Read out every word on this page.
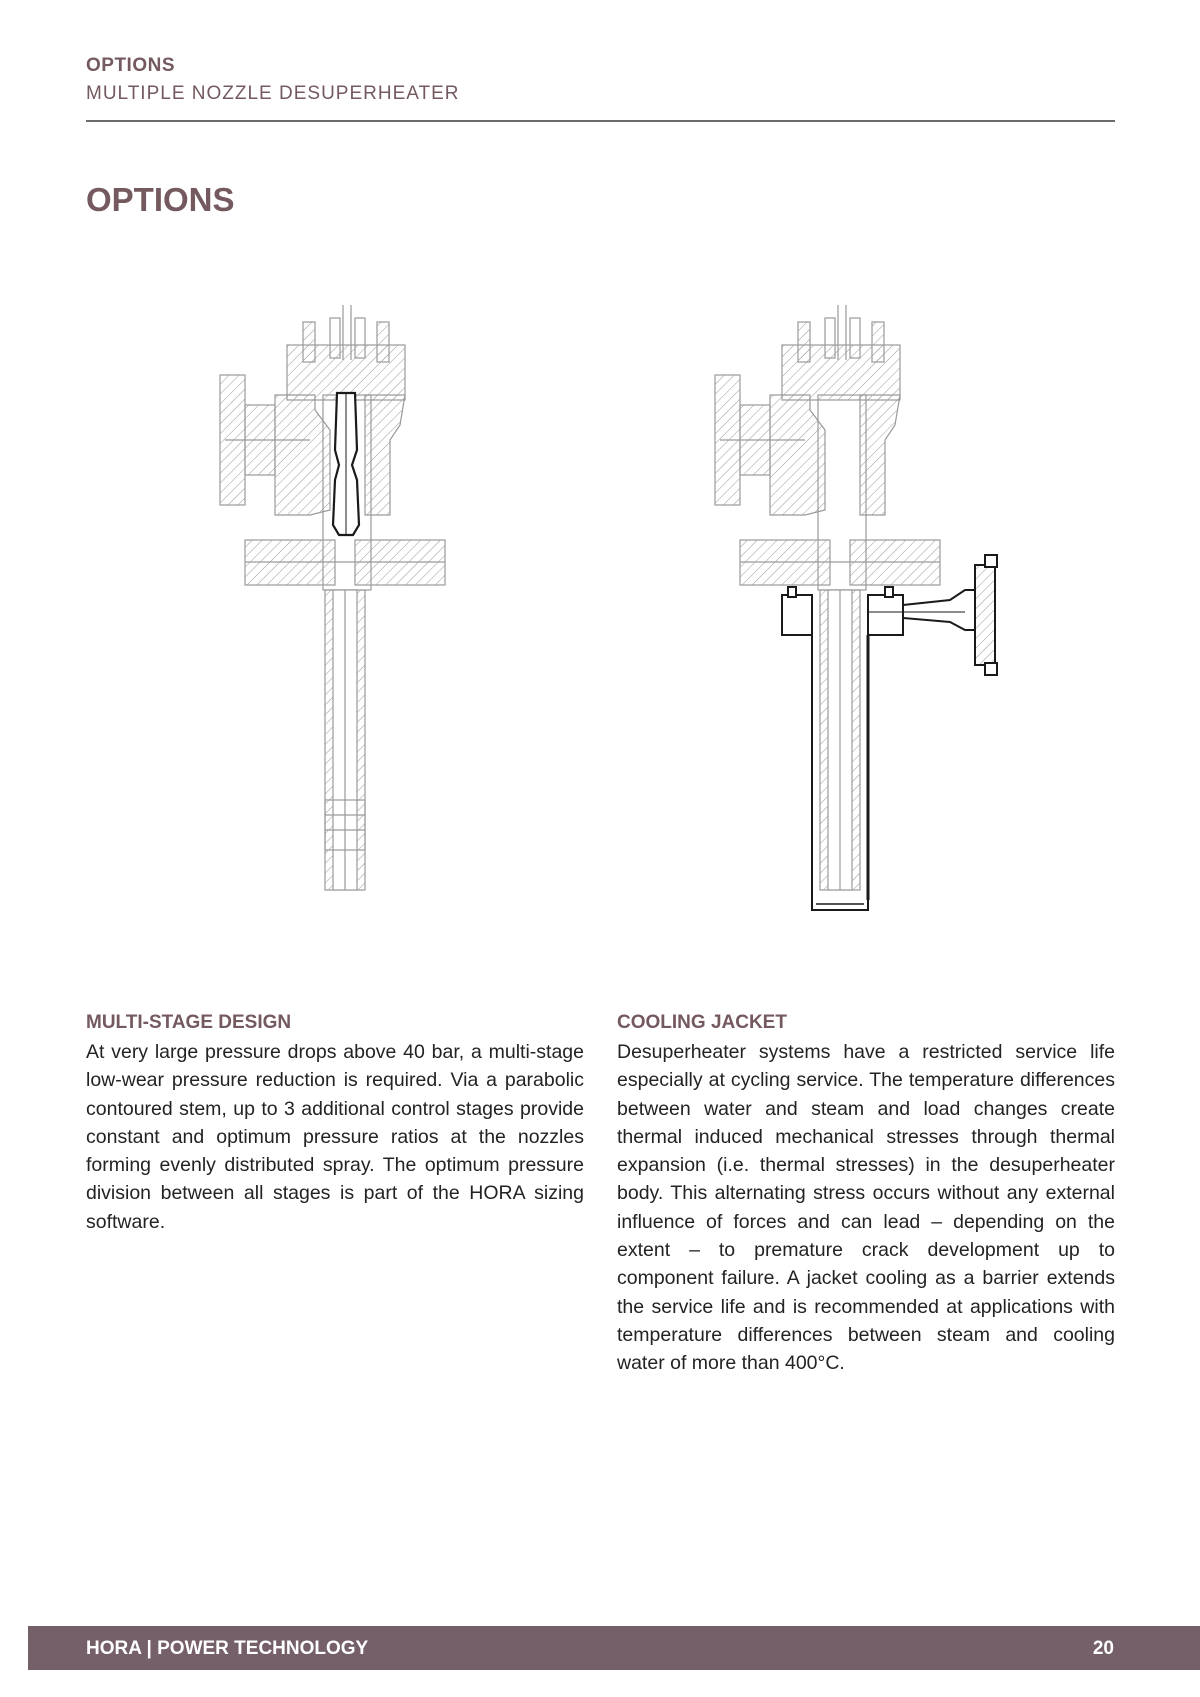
OPTIONS
MULTIPLE NOZZLE DESUPERHEATER
OPTIONS
MULTI-STAGE DESIGN

At very large pressure drops above 40 bar, a multi-stage low-wear pressure reduction is required. Via a parabolic contoured stem, up to 3 additional control stages provide constant and optimum pressure ratios at the nozzles forming evenly distributed spray. The optimum pressure division between all stages is part of the HORA sizing software.

COOLING JACKET

Desuperheater systems have a restricted service life especially at cycling service. The temperature differences between water and steam and load changes create thermal induced mechanical stresses through thermal expansion (i.e. thermal stresses) in the desuperheater body. This alternating stress occurs without any external influence of forces and can lead – depending on the extent – to premature crack development up to component failure. A jacket cooling as a barrier extends the service life and is recommended at applications with temperature differences between steam and cooling water of more than 400°C.

HORA | POWER TECHNOLOGY	20
